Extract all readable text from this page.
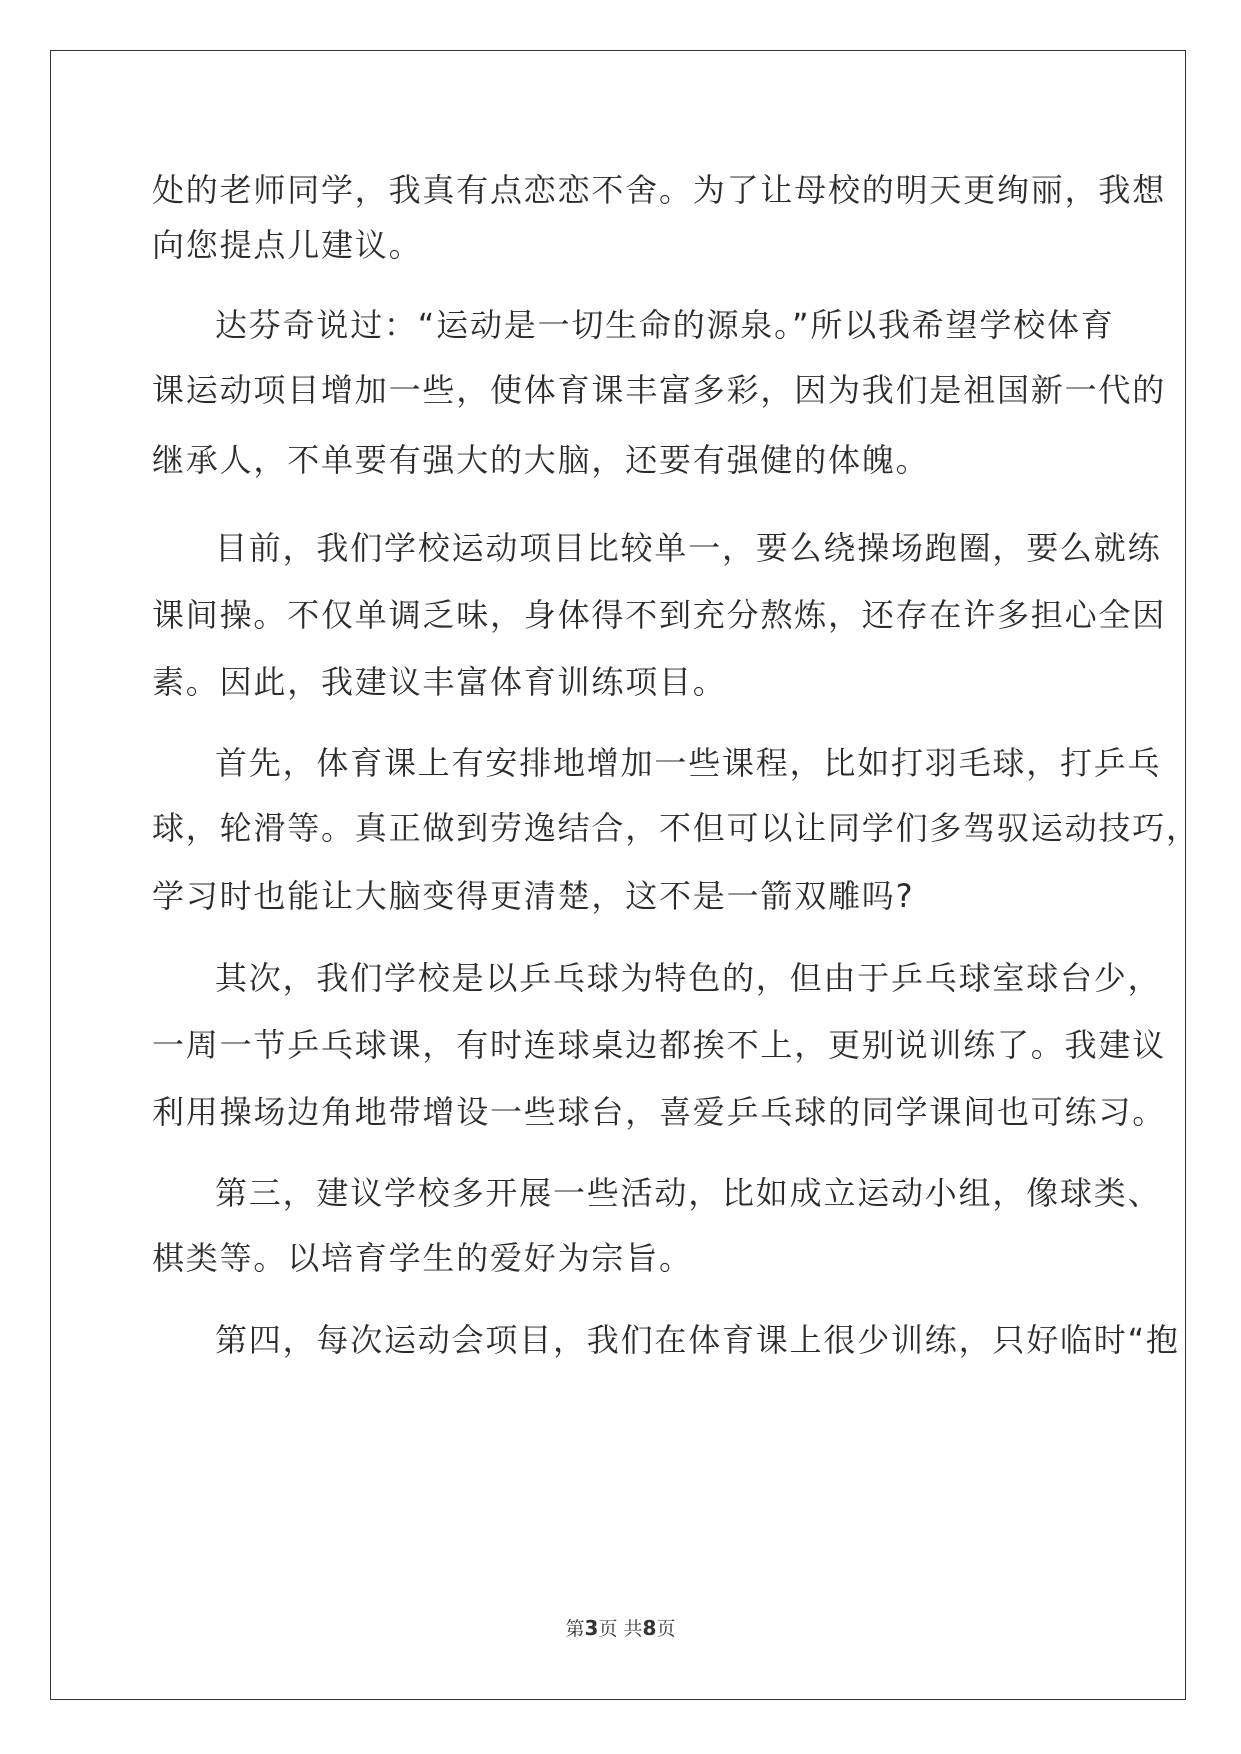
处的老师同学，我真有点恋恋不舍。为了让母校的明天更绚丽，我想
向您提点儿建议。
达芬奇说过：“运动是一切生命的源泉。”所以我希望学校体育
课运动项目增加一些，使体育课丰富多彩，因为我们是祖国新一代的
继承人，不单要有强大的大脑，还要有强健的体魄。
目前，我们学校运动项目比较单一，要么绕操场跑圈，要么就练
课间操。不仅单调乏味，身体得不到充分熬炼，还存在许多担心全因
素。因此，我建议丰富体育训练项目。
首先，体育课上有安排地增加一些课程，比如打羽毛球，打乒乓
球，轮滑等。真正做到劳逸结合，不但可以让同学们多驾驭运动技巧，
学习时也能让大脑变得更清楚，这不是一箭双雕吗?
其次，我们学校是以乒乓球为特色的，但由于乒乓球室球台少，
一周一节乒乓球课，有时连球桌边都挨不上，更别说训练了。我建议
利用操场边角地带增设一些球台，喜爱乒乓球的同学课间也可练习。
第三，建议学校多开展一些活动，比如成立运动小组，像球类、
棋类等。以培育学生的爱好为宗旨。
第四，每次运动会项目，我们在体育课上很少训练，只好临时“抱
第3页 共8页
